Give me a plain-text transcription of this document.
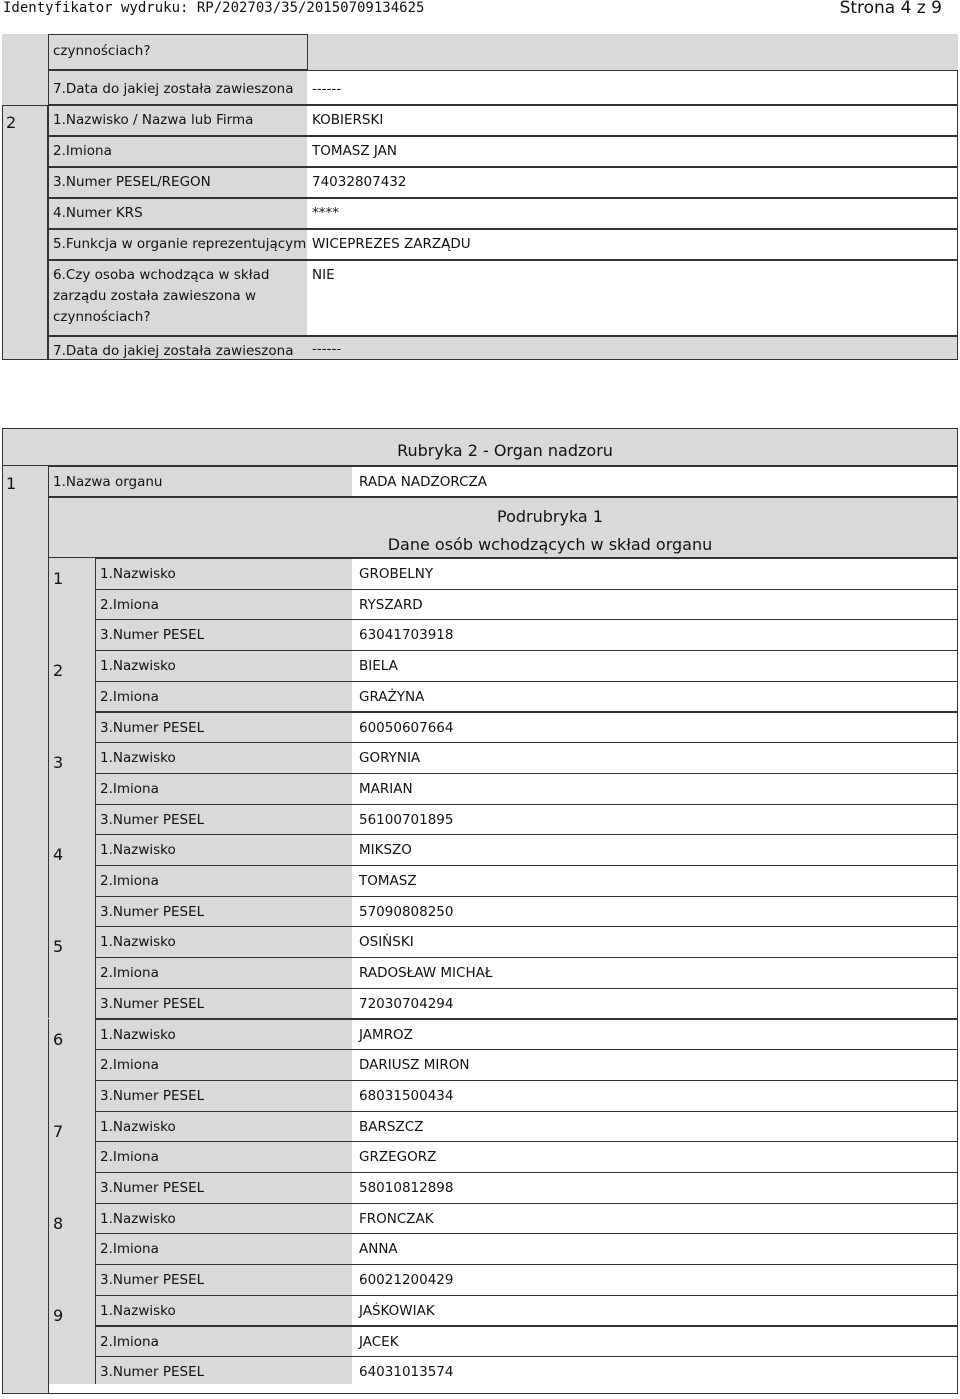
Identyfikator wydruku: RP/202703/35/20150709134625	Strona 4 z 9
czynnościach?
7.Data do jakiej została zawieszona ------
2	1.Nazwisko / Nazwa lub Firma	KOBIERSKI
2.Imiona	TOMASZ JAN
3.Numer PESEL/REGON	74032807432
4.Numer KRS	****
5.Funkcja w organie reprezentującym WICEPREZES ZARZĄDU
6.Czy osoba wchodząca w skład zarządu została zawieszona w czynnościach?
NIE
7.Data do jakiej została zawieszona ------
Rubryka 2 - Organ nadzoru
1	1.Nazwa organu	RADA NADZORCZA
Podrubryka 1
Dane osób wchodzących w skład organu
1	1.Nazwisko	GROBELNY
2.Imiona	RYSZARD
3.Numer PESEL	63041703918
2	1.Nazwisko	BIELA
2.Imiona	GRAŻYNA
3.Numer PESEL	60050607664
3	1.Nazwisko	GORYNIA
2.Imiona	MARIAN
3.Numer PESEL	56100701895
4	1.Nazwisko	MIKSZO
2.Imiona	TOMASZ
3.Numer PESEL	57090808250
5	1.Nazwisko	OSIŃSKI
2.Imiona	RADOSŁAW MICHAŁ
3.Numer PESEL	72030704294
6	1.Nazwisko	JAMROZ
2.Imiona	DARIUSZ MIRON
3.Numer PESEL	68031500434
7	1.Nazwisko	BARSZCZ
2.Imiona	GRZEGORZ
3.Numer PESEL	58010812898
8	1.Nazwisko	FRONCZAK
2.Imiona	ANNA
3.Numer PESEL	60021200429
9	1.Nazwisko	JAŚKOWIAK
2.Imiona	JACEK
3.Numer PESEL	64031013574
